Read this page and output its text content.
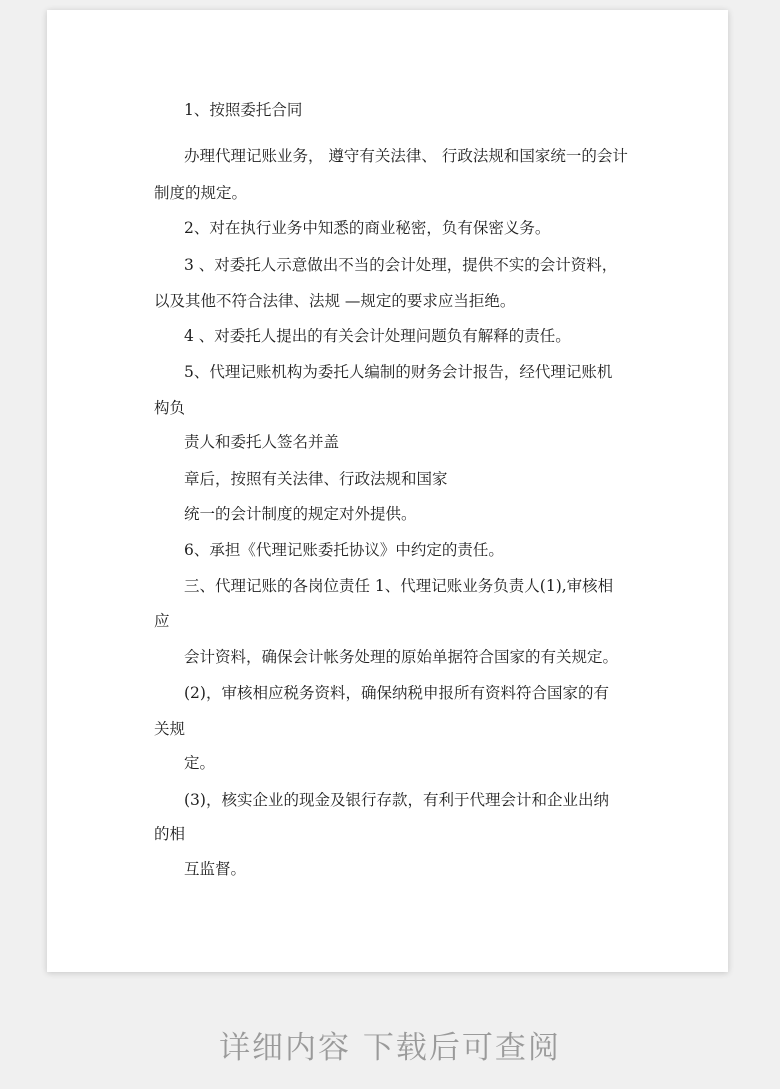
1、按照委托合同
办理代理记账业务， 遵守有关法律、 行政法规和国家统一的会计
制度的规定。
2、对在执行业务中知悉的商业秘密，负有保密义务。
3 、对委托人示意做出不当的会计处理，提供不实的会计资料，
以及其他不符合法律、法规 —规定的要求应当拒绝。
4 、对委托人提出的有关会计处理问题负有解释的责任。
5、代理记账机构为委托人编制的财务会计报告，经代理记账机
构负
责人和委托人签名并盖
章后，按照有关法律、行政法规和国家
统一的会计制度的规定对外提供。
6、承担《代理记账委托协议》中约定的责任。
三、代理记账的各岗位责任 1、代理记账业务负责人(1),审核相
应
会计资料，确保会计帐务处理的原始单据符合国家的有关规定。
(2)，审核相应税务资料，确保纳税申报所有资料符合国家的有
关规
定。
(3)，核实企业的现金及银行存款，有利于代理会计和企业出纳
的相
互监督。
详细内容 下载后可查阅
